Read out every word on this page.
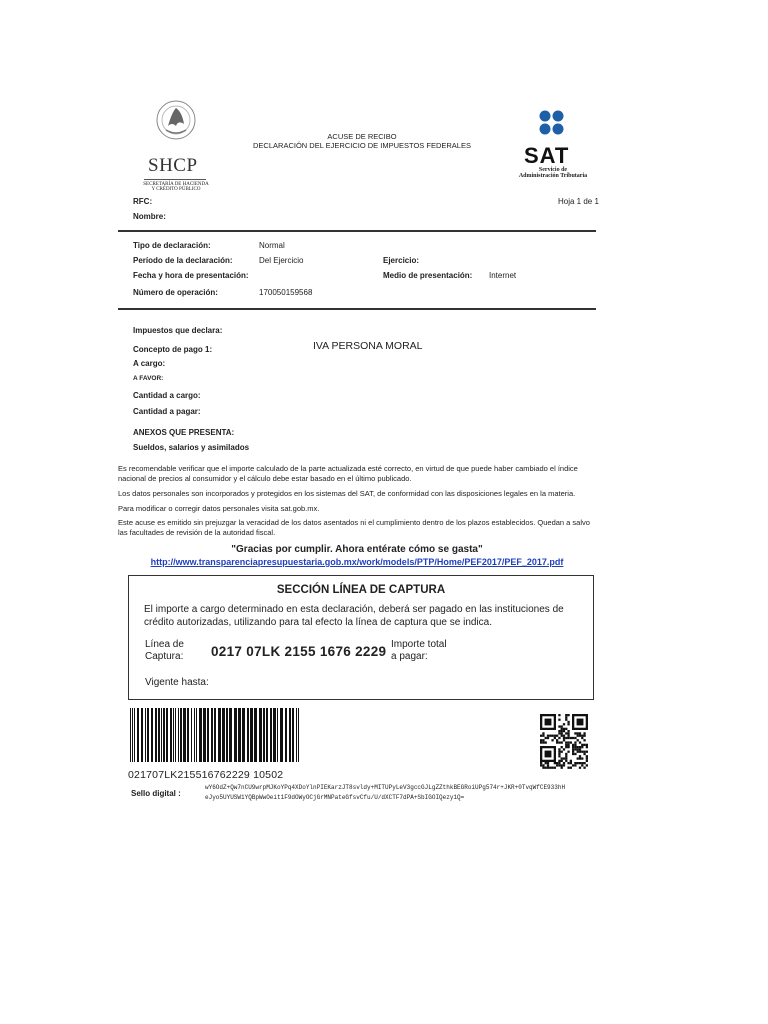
SHCP
SECRETARÍA DE HACIENDA
Y CRÉDITO PÚBLICO
ACUSE DE RECIBO
DECLARACIÓN DEL EJERCICIO DE IMPUESTOS FEDERALES	SAT
Servicio de
Administración Tributaria
RFC:	Hoja 1 de 1
Nombre:
Tipo de declaración:	Normal
Período de la declaración:	Del Ejercicio	Ejercicio:
Fecha y hora de presentación:	Medio de presentación: Internet
Número de operación:	170050159568
Impuestos que declara:
Concepto de pago 1:	IVA PERSONA MORAL
A cargo:
A FAVOR:
Cantidad a cargo:
Cantidad a pagar:
ANEXOS QUE PRESENTA:
Sueldos, salarios y asimilados
Es recomendable verificar que el importe calculado de la parte actualizada esté correcto, en virtud de que puede haber cambiado el índice nacional de precios al consumidor y el cálculo debe estar basado en el último publicado.
Los datos personales son incorporados y protegidos en los sistemas del SAT, de conformidad con las disposiciones legales en la materia.
Para modificar o corregir datos personales visita sat.gob.mx.
Este acuse es emitido sin prejuzgar la veracidad de los datos asentados ni el cumplimiento dentro de los plazos establecidos. Quedan a salvo las facultades de revisión de la autoridad fiscal.
"Gracias por cumplir. Ahora entérate cómo se gasta"
http://www.transparenciapresupuestaria.gob.mx/work/models/PTP/Home/PEF2017/PEF_2017.pdf
SECCIÓN LÍNEA DE CAPTURA
El importe a cargo determinado en esta declaración, deberá ser pagado en las instituciones de crédito autorizadas, utilizando para tal efecto la línea de captura que se indica.
Línea de
Captura: 0217 07LK 2155 1676 2229 Importe total
a pagar:
Vigente hasta:
021707LK215516762229 10502
Sello digital :
wY6OdZ+Qw7nCU9wrpMJKoYPq4XDoYlnPIEKarzJT8svldy+MITUPyLeV3gccGJLgZZthkBEGRoiUPg574r+JKR+0TvqWfCE933hH
eJyo5UYUSW1YQBpWwOeit1F9dOWyOCjGrMNPateGfsvCfu/U/dXCTF7dPA+SbIGOIQezy1Q=
